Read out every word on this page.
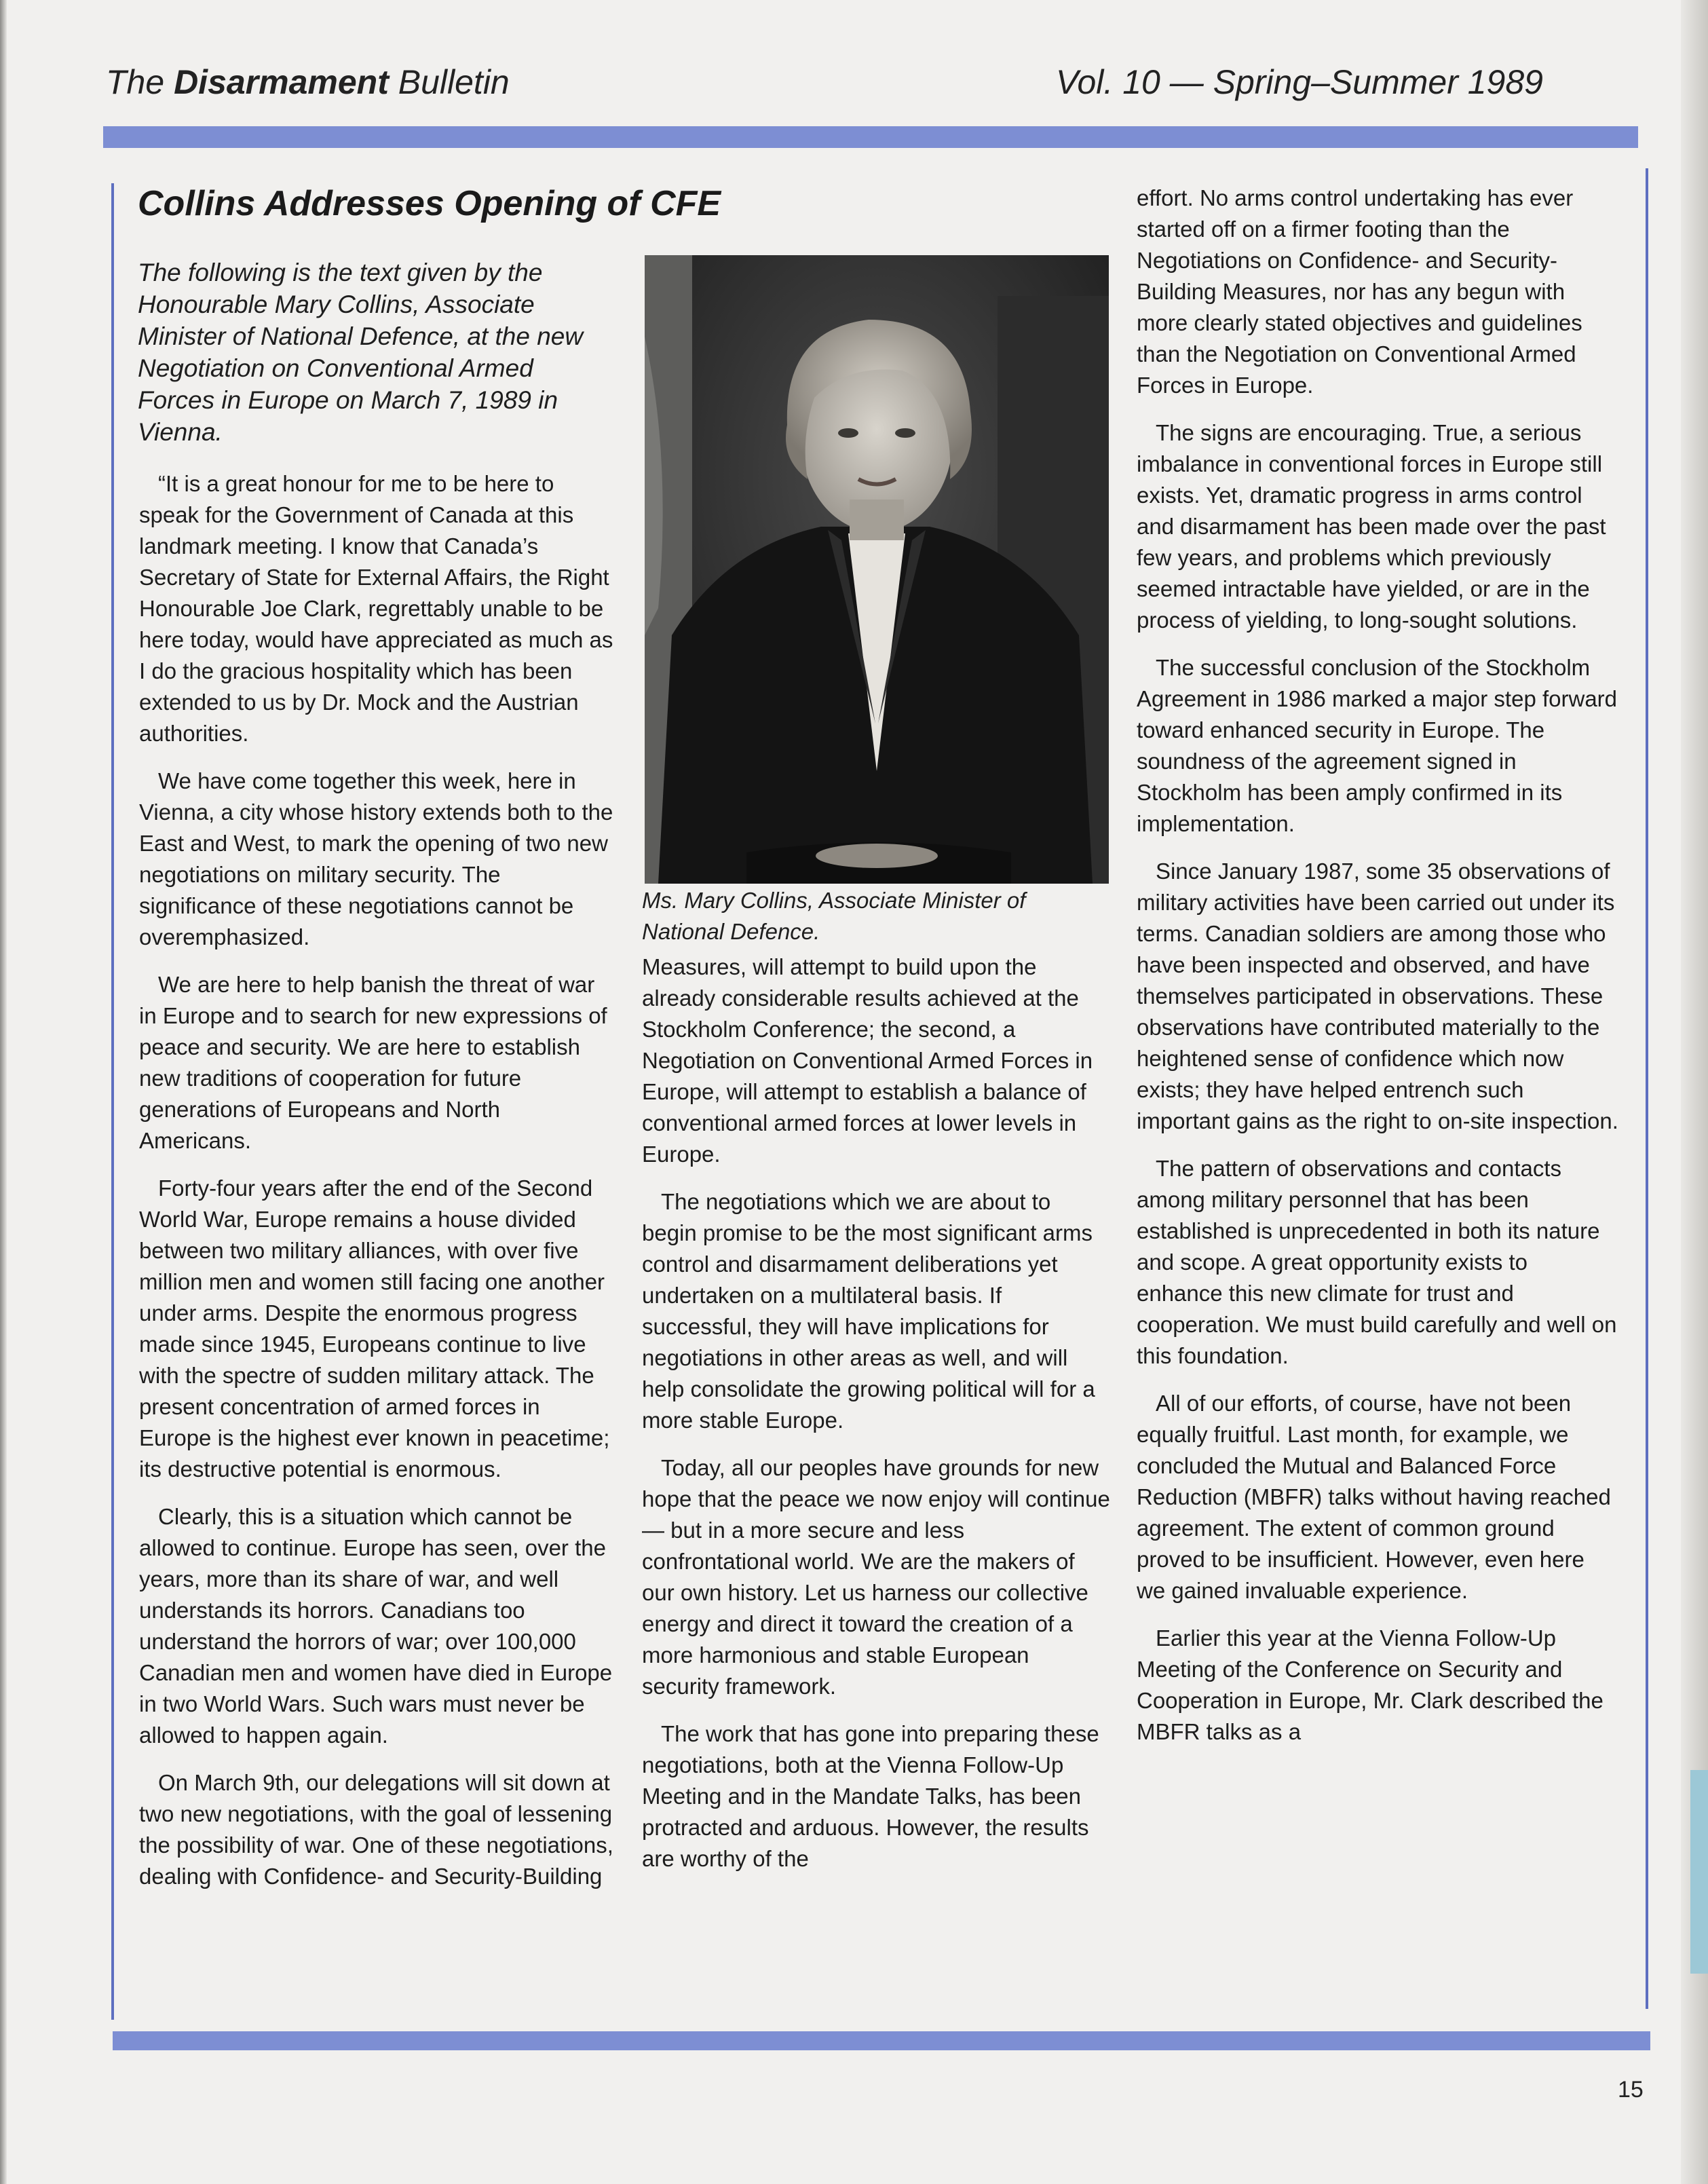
The Disarmament Bulletin	Vol. 10 — Spring–Summer 1989
Collins Addresses Opening of CFE
The following is the text given by the Honourable Mary Collins, Associate Minister of National Defence, at the new Negotiation on Conventional Armed Forces in Europe on March 7, 1989 in Vienna.
Ms. Mary Collins, Associate Minister of National Defence.

“It is a great honour for me to be here to speak for the Government of Canada at this landmark meeting. I know that Canada’s Secretary of State for External Affairs, the Right Honourable Joe Clark, regrettably unable to be here today, would have appreciated as much as I do the gracious hospitality which has been extended to us by Dr. Mock and the Austrian authorities.

We have come together this week, here in Vienna, a city whose history extends both to the East and West, to mark the opening of two new negotiations on military security. The significance of these negotiations cannot be overemphasized.

We are here to help banish the threat of war in Europe and to search for new expressions of peace and security. We are here to establish new traditions of cooperation for future generations of Europeans and North Americans.

Forty-four years after the end of the Second World War, Europe remains a house divided between two military alliances, with over five million men and women still facing one another under arms. Despite the enormous progress made since 1945, Europeans continue to live with the spectre of sudden military attack. The present concentration of armed forces in Europe is the highest ever known in peacetime; its destructive potential is enormous.

Clearly, this is a situation which cannot be allowed to continue. Europe has seen, over the years, more than its share of war, and well understands its horrors. Canadians too understand the horrors of war; over 100,000 Canadian men and women have died in Europe in two World Wars. Such wars must never be allowed to happen again.

On March 9th, our delegations will sit down at two new negotiations, with the goal of lessening the possibility of war. One of these negotiations, dealing with Confidence- and Security-Building

Measures, will attempt to build upon the already considerable results achieved at the Stockholm Conference; the second, a Negotiation on Conventional Armed Forces in Europe, will attempt to establish a balance of conventional armed forces at lower levels in Europe.

The negotiations which we are about to begin promise to be the most significant arms control and disarmament deliberations yet undertaken on a multilateral basis. If successful, they will have implications for negotiations in other areas as well, and will help consolidate the growing political will for a more stable Europe.

Today, all our peoples have grounds for new hope that the peace we now enjoy will continue — but in a more secure and less confrontational world. We are the makers of our own history. Let us harness our collective energy and direct it toward the creation of a more harmonious and stable European security framework.

The work that has gone into preparing these negotiations, both at the Vienna Follow-Up Meeting and in the Mandate Talks, has been protracted and arduous. However, the results are worthy of the

effort. No arms control undertaking has ever started off on a firmer footing than the Negotiations on Confidence- and Security-Building Measures, nor has any begun with more clearly stated objectives and guidelines than the Negotiation on Conventional Armed Forces in Europe.

The signs are encouraging. True, a serious imbalance in conventional forces in Europe still exists. Yet, dramatic progress in arms control and disarmament has been made over the past few years, and problems which previously seemed intractable have yielded, or are in the process of yielding, to long-sought solutions.

The successful conclusion of the Stockholm Agreement in 1986 marked a major step forward toward enhanced security in Europe. The soundness of the agreement signed in Stockholm has been amply confirmed in its implementation.

Since January 1987, some 35 observations of military activities have been carried out under its terms. Canadian soldiers are among those who have been inspected and observed, and have themselves participated in observations. These observations have contributed materially to the heightened sense of confidence which now exists; they have helped entrench such important gains as the right to on-site inspection.

The pattern of observations and contacts among military personnel that has been established is unprecedented in both its nature and scope. A great opportunity exists to enhance this new climate for trust and cooperation. We must build carefully and well on this foundation.

All of our efforts, of course, have not been equally fruitful. Last month, for example, we concluded the Mutual and Balanced Force Reduction (MBFR) talks without having reached agreement. The extent of common ground proved to be insufficient. However, even here we gained invaluable experience.

Earlier this year at the Vienna Follow-Up Meeting of the Conference on Security and Cooperation in Europe, Mr. Clark described the MBFR talks as a

15
